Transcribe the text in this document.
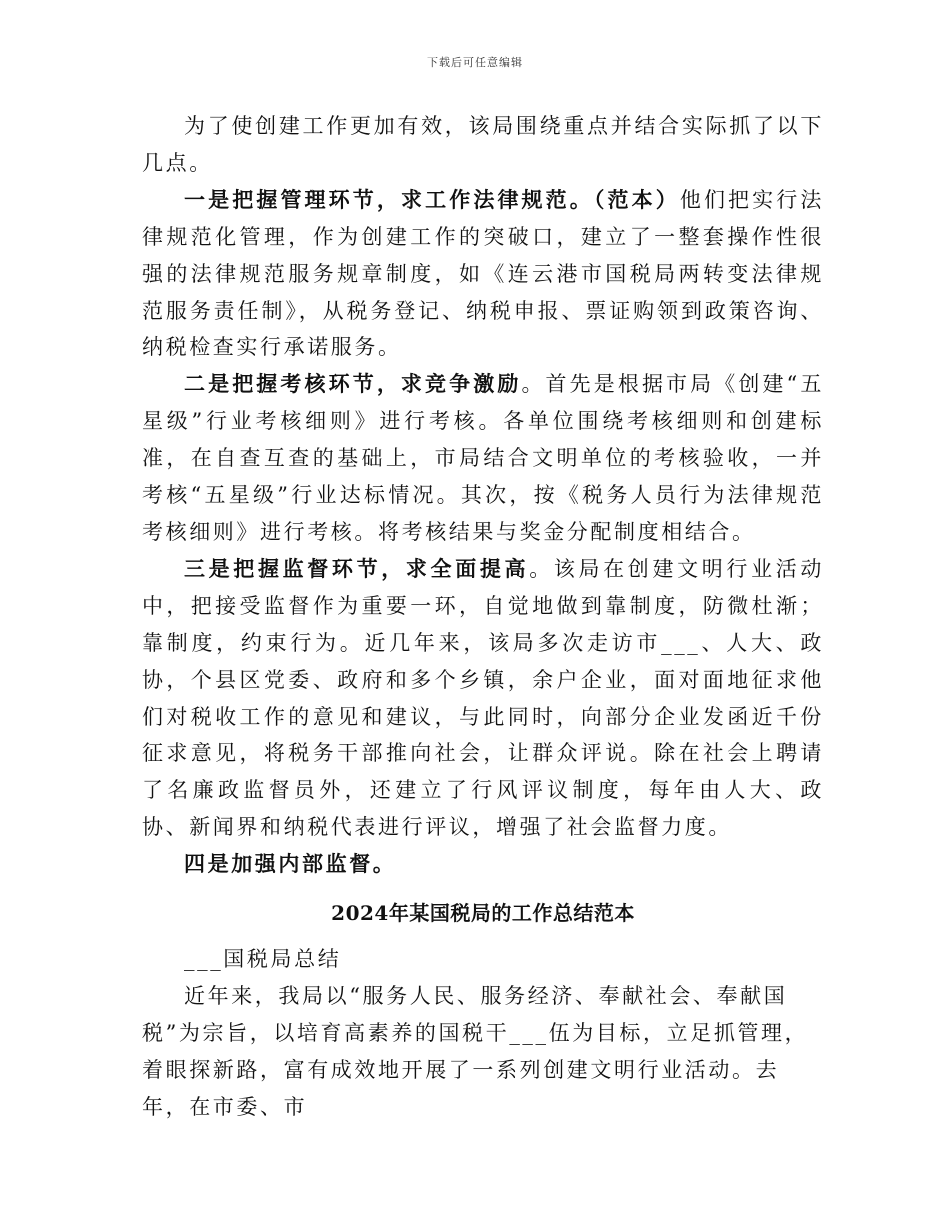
下载后可任意编辑

为了使创建工作更加有效，该局围绕重点并结合实际抓了以下几点。

一是把握管理环节，求工作法律规范。（范本）他们把实行法律规范化管理，作为创建工作的突破口，建立了一整套操作性很强的法律规范服务规章制度，如《连云港市国税局两转变法律规范服务责任制》，从税务登记、纳税申报、票证购领到政策咨询、纳税检查实行承诺服务。

二是把握考核环节，求竞争激励。首先是根据市局《创建“五星级”行业考核细则》进行考核。各单位围绕考核细则和创建标准，在自查互查的基础上，市局结合文明单位的考核验收，一并考核“五星级”行业达标情况。其次，按《税务人员行为法律规范考核细则》进行考核。将考核结果与奖金分配制度相结合。

三是把握监督环节，求全面提高。该局在创建文明行业活动中，把接受监督作为重要一环，自觉地做到靠制度，防微杜渐；靠制度，约束行为。近几年来，该局多次走访市___、人大、政协，个县区党委、政府和多个乡镇，余户企业，面对面地征求他们对税收工作的意见和建议，与此同时，向部分企业发函近千份征求意见，将税务干部推向社会，让群众评说。除在社会上聘请了名廉政监督员外，还建立了行风评议制度，每年由人大、政协、新闻界和纳税代表进行评议，增强了社会监督力度。

四是加强内部监督。

2024年某国税局的工作总结范本

___国税局总结

近年来，我局以“服务人民、服务经济、奉献社会、奉献国税”为宗旨，以培育高素养的国税干___伍为目标，立足抓管理，着眼探新路，富有成效地开展了一系列创建文明行业活动。去年，在市委、市
